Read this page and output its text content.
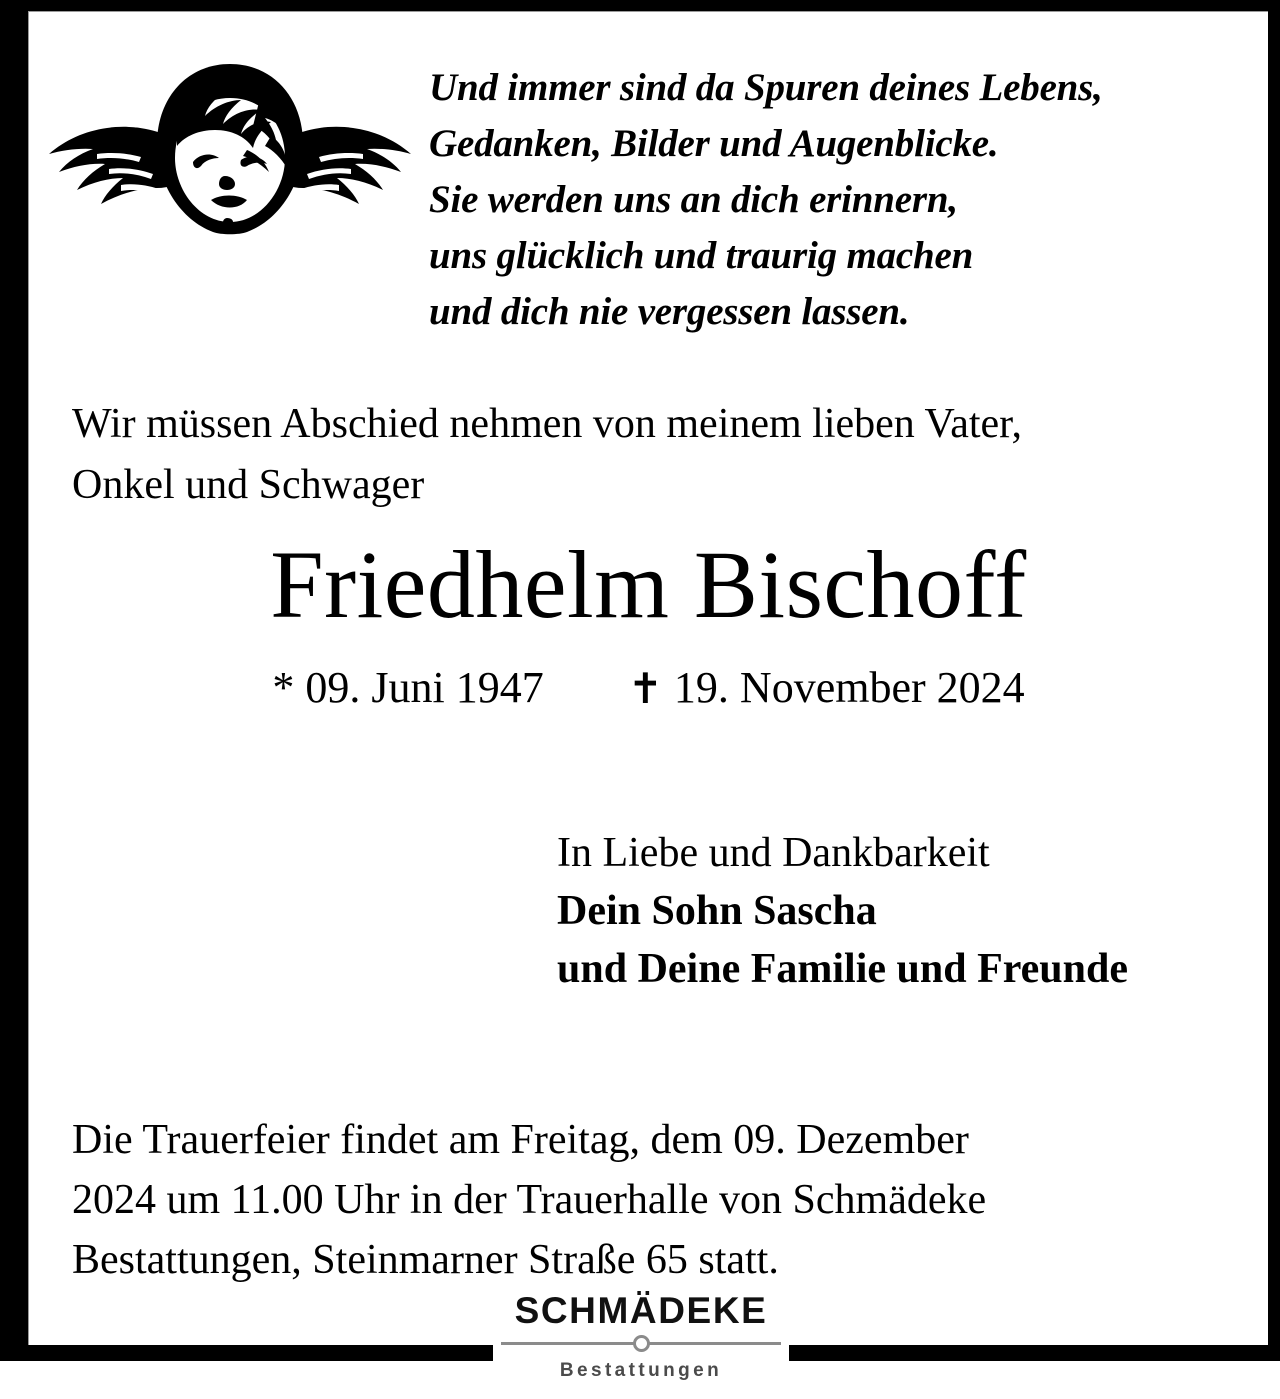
Und immer sind da Spuren deines Lebens,
Gedanken, Bilder und Augenblicke.
Sie werden uns an dich erinnern,
uns glücklich und traurig machen
und dich nie vergessen lassen.
Wir müssen Abschied nehmen von meinem lieben Vater,
Onkel und Schwager
Friedhelm Bischoff
* 09. Juni 1947 ✝ 19. November 2024
In Liebe und Dankbarkeit
Dein Sohn Sascha
und Deine Familie und Freunde
Die Trauerfeier findet am Freitag, dem 09. Dezember
2024 um 11.00 Uhr in der Trauerhalle von Schmädeke
Bestattungen, Steinmarner Straße 65 statt.
SCHMÄDEKE
Bestattungen
